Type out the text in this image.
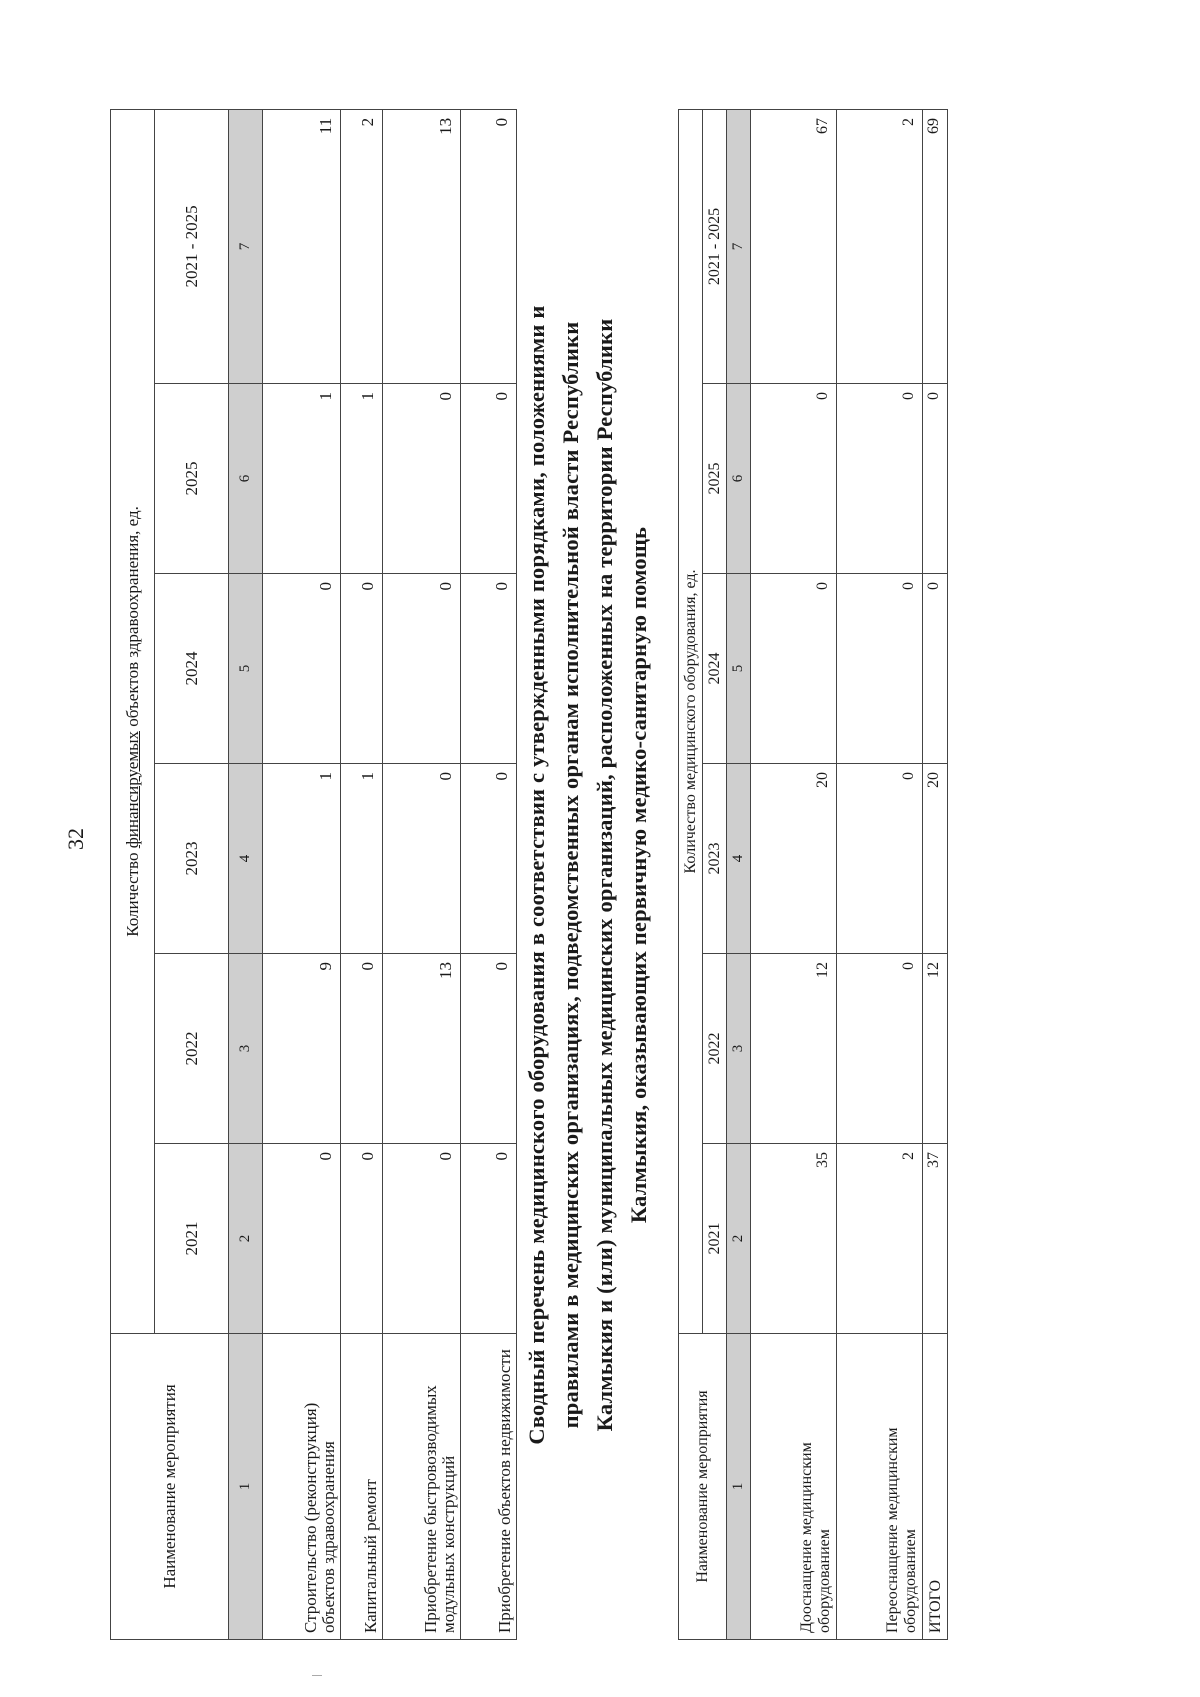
32
Наименование мероприятия	Количество финансируемых объектов здравоохранения, ед.					
	2021	2022	2023	2024	2025	2021 - 2025
1	2	3	4	5	6	7
Строительство (реконструкция) объектов здравоохранения	0	9	1	0	1	11
Капитальный ремонт	0	0	1	0	1	2
Приобретение быстровозводимых модульных конструкций	0	13	0	0	0	13
Приобретение объектов недвижимости	0	0	0	0	0	0
Сводный перечень медицинского оборудования в соответствии с утвержденными порядками, положениями и правилами в медицинских организациях, подведомственных органам исполнительной власти Республики Калмыкия и (или) муниципальных медицинских организаций, расположенных на территории Республики Калмыкия, оказывающих первичную медико-санитарную помощь
Наименование мероприятия	Количество медицинского оборудования, ед.					
	2021	2022	2023	2024	2025	2021 - 2025
1	2	3	4	5	6	7
Дооснащение медицинским оборудованием	35	12	20	0	0	67
Переоснащение медицинским оборудованием	2	0	0	0	0	2
ИТОГО	37	12	20	0	0	69
